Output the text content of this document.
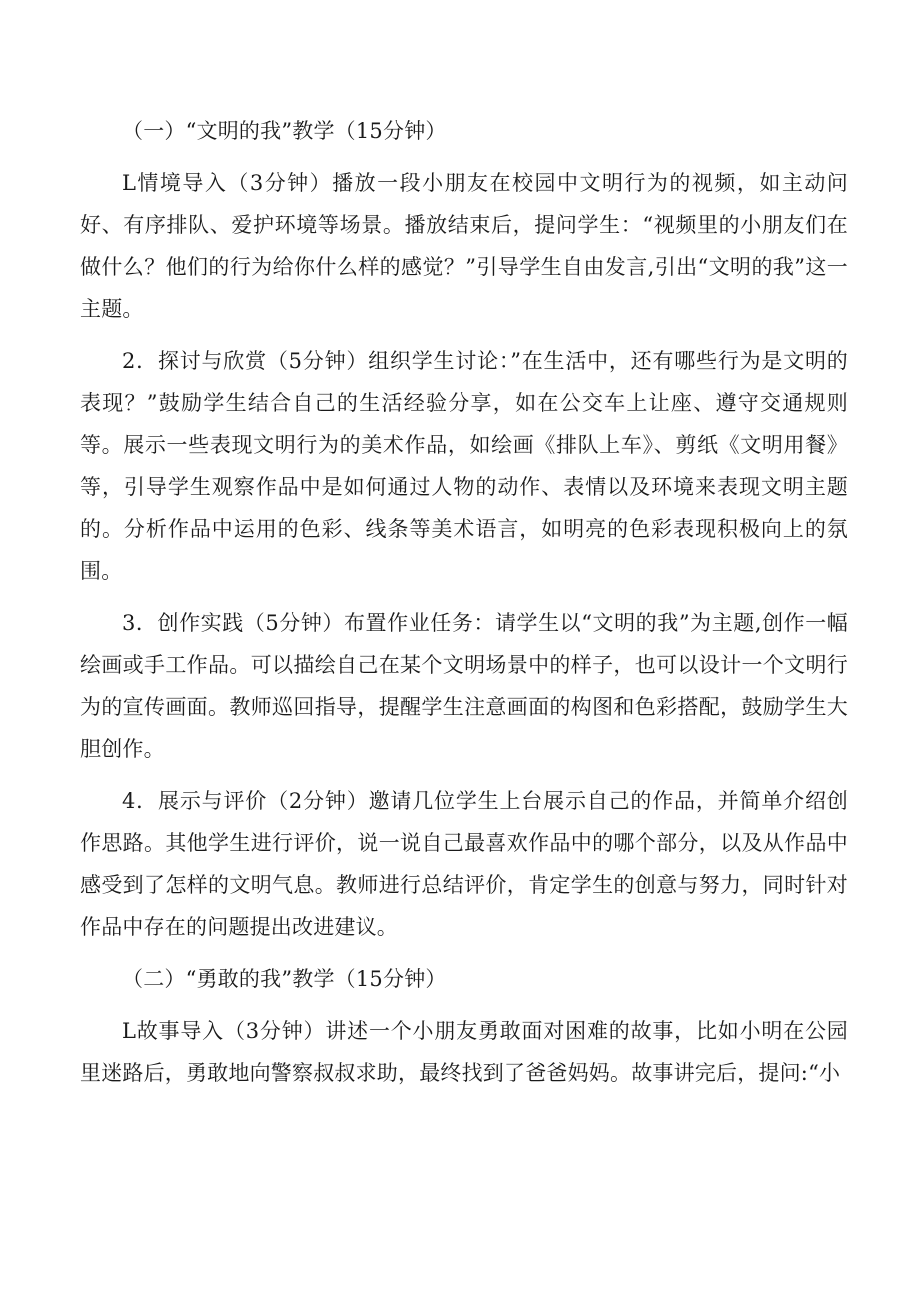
（一）“文明的我”教学（15分钟）

L情境导入（3分钟）播放一段小朋友在校园中文明行为的视频，如主动问好、有序排队、爱护环境等场景。播放结束后，提问学生：“视频里的小朋友们在做什么？他们的行为给你什么样的感觉？”引导学生自由发言,引出“文明的我”这一主题。

2．探讨与欣赏（5分钟）组织学生讨论：”在生活中，还有哪些行为是文明的表现？”鼓励学生结合自己的生活经验分享，如在公交车上让座、遵守交通规则等。展示一些表现文明行为的美术作品，如绘画《排队上车》、剪纸《文明用餐》等，引导学生观察作品中是如何通过人物的动作、表情以及环境来表现文明主题的。分析作品中运用的色彩、线条等美术语言，如明亮的色彩表现积极向上的氛围。

3．创作实践（5分钟）布置作业任务：请学生以“文明的我”为主题,创作一幅绘画或手工作品。可以描绘自己在某个文明场景中的样子，也可以设计一个文明行为的宣传画面。教师巡回指导，提醒学生注意画面的构图和色彩搭配，鼓励学生大胆创作。

4．展示与评价（2分钟）邀请几位学生上台展示自己的作品，并简单介绍创作思路。其他学生进行评价，说一说自己最喜欢作品中的哪个部分，以及从作品中感受到了怎样的文明气息。教师进行总结评价，肯定学生的创意与努力，同时针对作品中存在的问题提出改进建议。

（二）“勇敢的我”教学（15分钟）

L故事导入（3分钟）讲述一个小朋友勇敢面对困难的故事，比如小明在公园里迷路后，勇敢地向警察叔叔求助，最终找到了爸爸妈妈。故事讲完后，提问:“小
